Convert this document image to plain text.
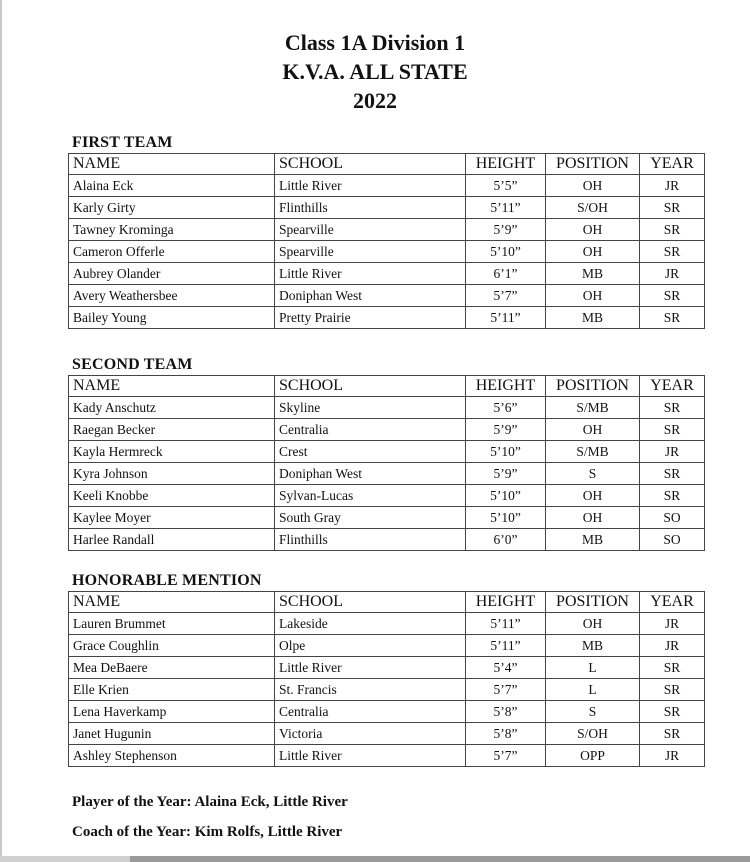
Class 1A Division 1
K.V.A. ALL STATE
2022
FIRST TEAM
NAME	SCHOOL	HEIGHT	POSITION	YEAR
Alaina Eck	Little River	5’5”	OH	JR
Karly Girty	Flinthills	5’11”	S/OH	SR
Tawney Krominga	Spearville	5’9”	OH	SR
Cameron Offerle	Spearville	5’10”	OH	SR
Aubrey Olander	Little River	6’1”	MB	JR
Avery Weathersbee	Doniphan West	5’7”	OH	SR
Bailey Young	Pretty Prairie	5’11”	MB	SR
SECOND TEAM
NAME	SCHOOL	HEIGHT	POSITION	YEAR
Kady Anschutz	Skyline	5’6”	S/MB	SR
Raegan Becker	Centralia	5’9”	OH	SR
Kayla Hermreck	Crest	5’10”	S/MB	JR
Kyra Johnson	Doniphan West	5’9”	S	SR
Keeli Knobbe	Sylvan-Lucas	5’10”	OH	SR
Kaylee Moyer	South Gray	5’10”	OH	SO
Harlee Randall	Flinthills	6’0”	MB	SO
HONORABLE MENTION
NAME	SCHOOL	HEIGHT	POSITION	YEAR
Lauren Brummet	Lakeside	5’11”	OH	JR
Grace Coughlin	Olpe	5’11”	MB	JR
Mea DeBaere	Little River	5’4”	L	SR
Elle Krien	St. Francis	5’7”	L	SR
Lena Haverkamp	Centralia	5’8”	S	SR
Janet Hugunin	Victoria	5’8”	S/OH	SR
Ashley Stephenson	Little River	5’7”	OPP	JR
Player of the Year: Alaina Eck, Little River
Coach of the Year: Kim Rolfs, Little River
